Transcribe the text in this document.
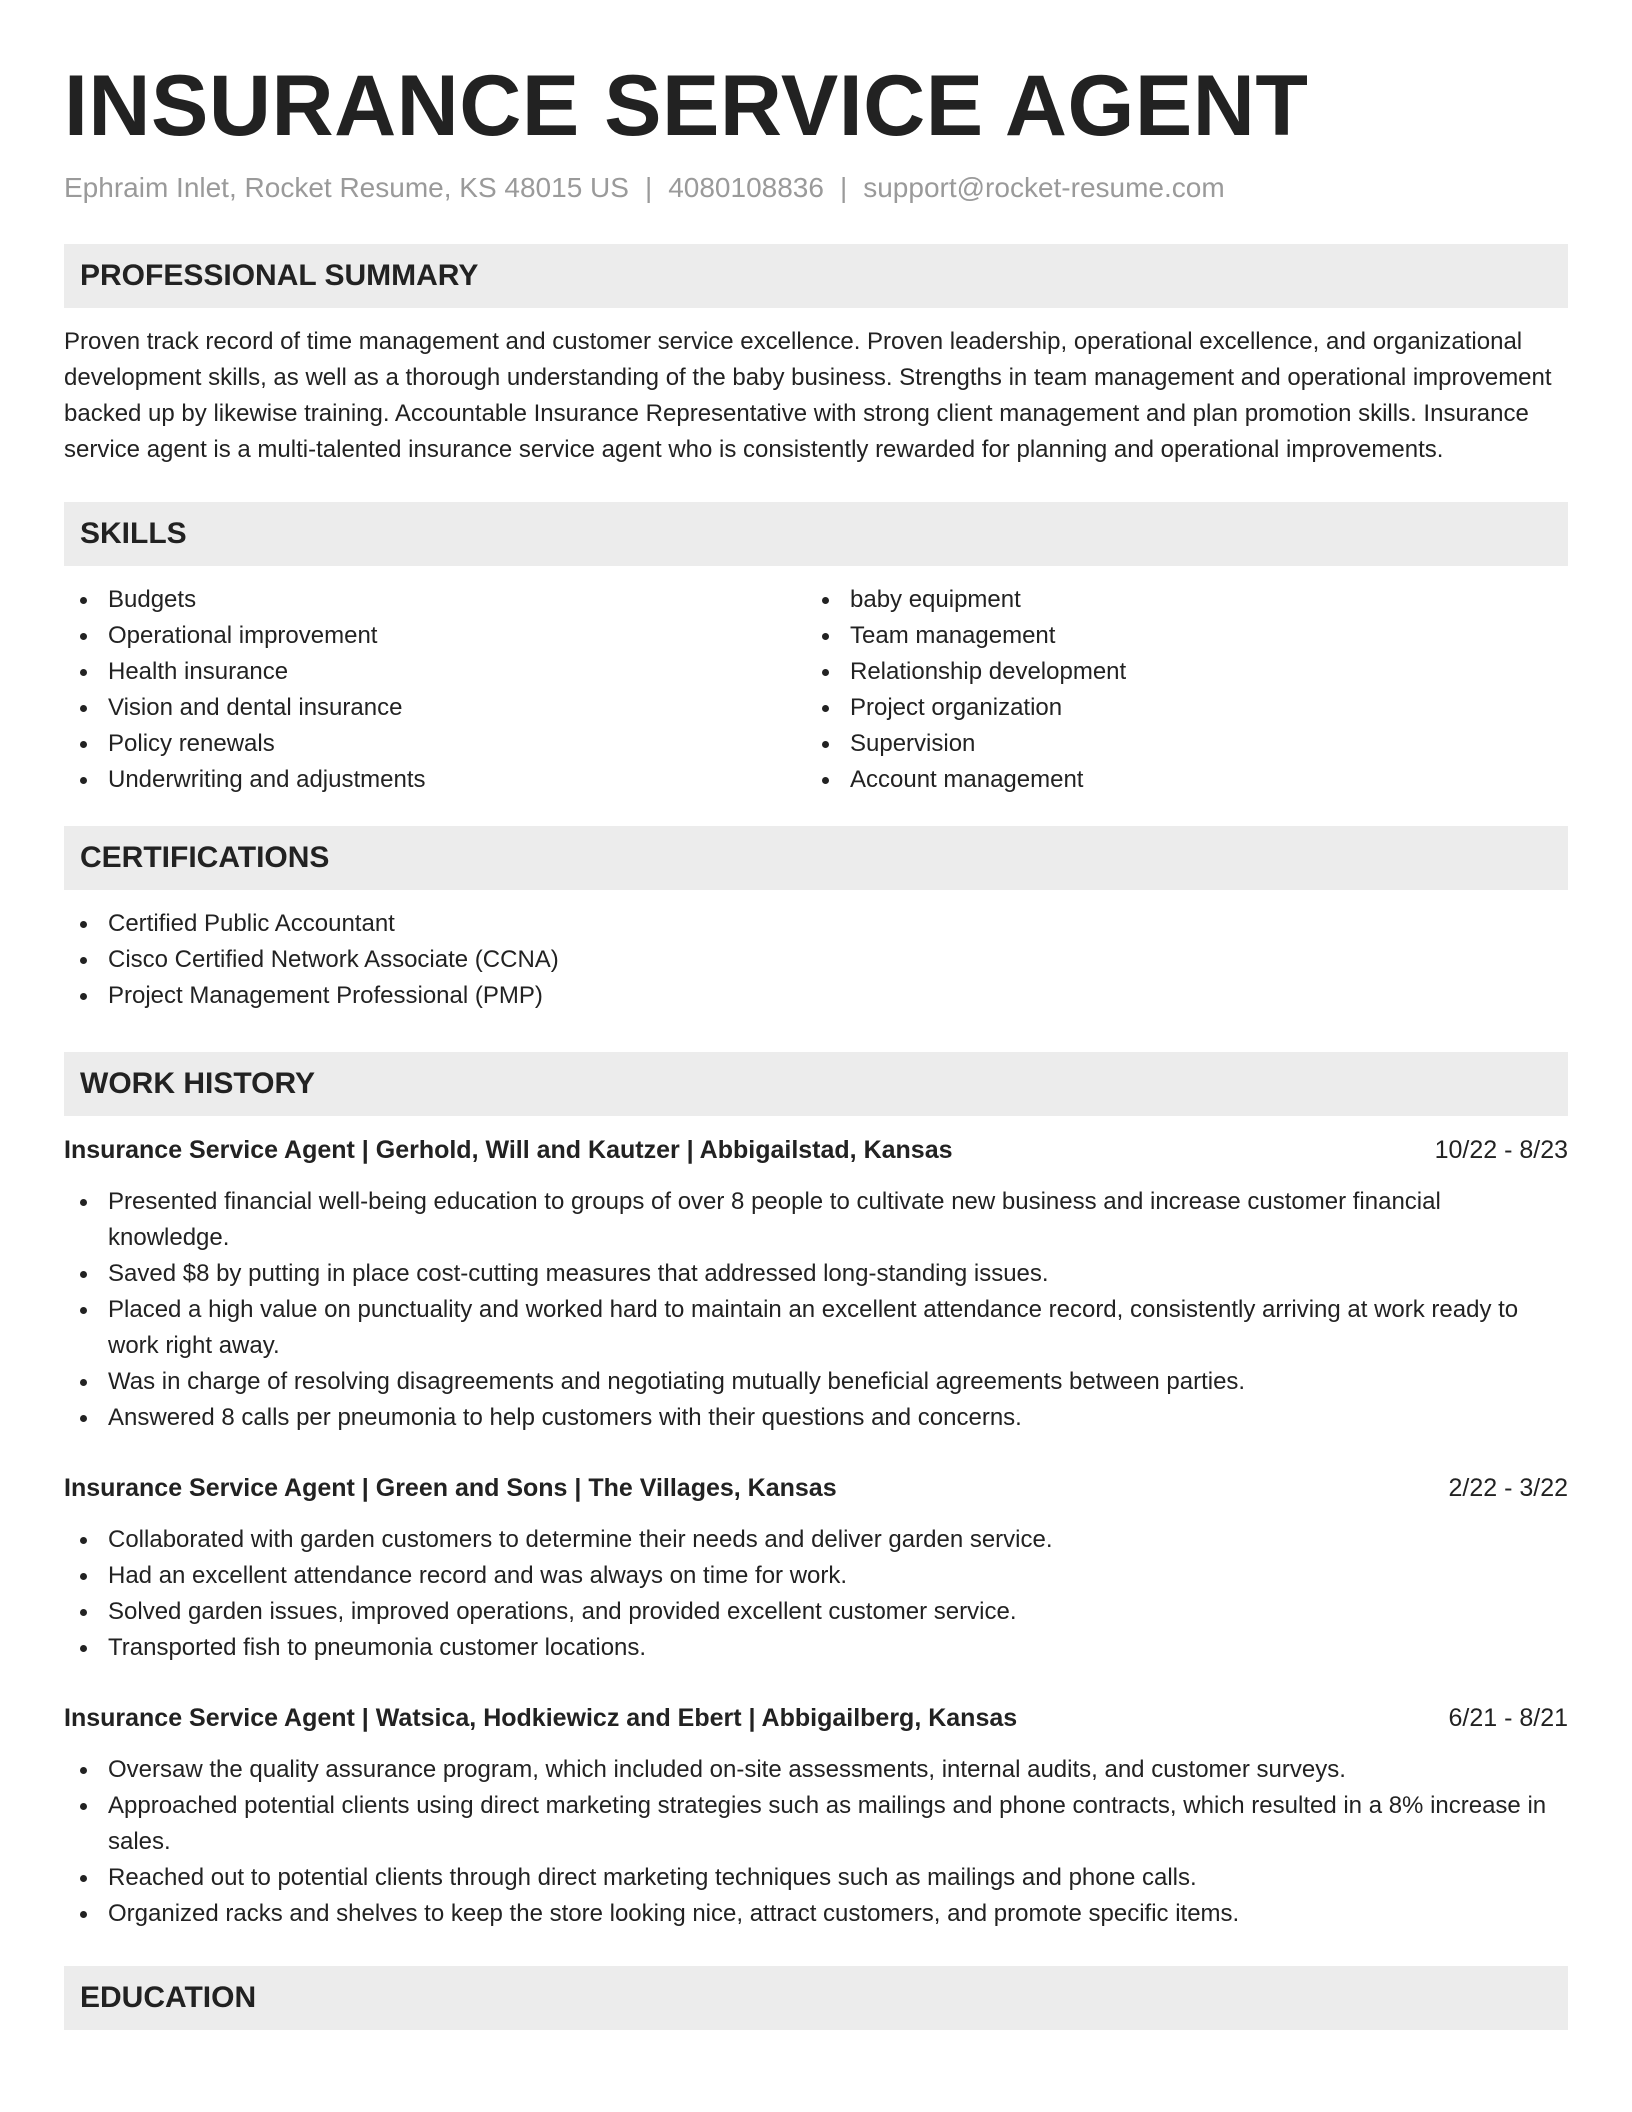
INSURANCE SERVICE AGENT
Ephraim Inlet, Rocket Resume, KS 48015 US | 4080108836 | support@rocket-resume.com
PROFESSIONAL SUMMARY

Proven track record of time management and customer service excellence. Proven leadership, operational excellence, and organizational development skills, as well as a thorough understanding of the baby business. Strengths in team management and operational improvement backed up by likewise training. Accountable Insurance Representative with strong client management and plan promotion skills. Insurance service agent is a multi-talented insurance service agent who is consistently rewarded for planning and operational improvements.

SKILLS
Budgets
Operational improvement
Health insurance
Vision and dental insurance
Policy renewals
Underwriting and adjustments
baby equipment
Team management
Relationship development
Project organization
Supervision
Account management
CERTIFICATIONS
Certified Public Accountant
Cisco Certified Network Associate (CCNA)
Project Management Professional (PMP)
WORK HISTORY
Insurance Service Agent | Gerhold, Will and Kautzer | Abbigailstad, Kansas	10/22 - 8/23
Presented financial well-being education to groups of over 8 people to cultivate new business and increase customer financial knowledge.
Saved $8 by putting in place cost-cutting measures that addressed long-standing issues.
Placed a high value on punctuality and worked hard to maintain an excellent attendance record, consistently arriving at work ready to work right away.
Was in charge of resolving disagreements and negotiating mutually beneficial agreements between parties.
Answered 8 calls per pneumonia to help customers with their questions and concerns.
Insurance Service Agent | Green and Sons | The Villages, Kansas	2/22 - 3/22
Collaborated with garden customers to determine their needs and deliver garden service.
Had an excellent attendance record and was always on time for work.
Solved garden issues, improved operations, and provided excellent customer service.
Transported fish to pneumonia customer locations.
Insurance Service Agent | Watsica, Hodkiewicz and Ebert | Abbigailberg, Kansas	6/21 - 8/21
Oversaw the quality assurance program, which included on-site assessments, internal audits, and customer surveys.
Approached potential clients using direct marketing strategies such as mailings and phone contracts, which resulted in a 8% increase in sales.
Reached out to potential clients through direct marketing techniques such as mailings and phone calls.
Organized racks and shelves to keep the store looking nice, attract customers, and promote specific items.
EDUCATION
